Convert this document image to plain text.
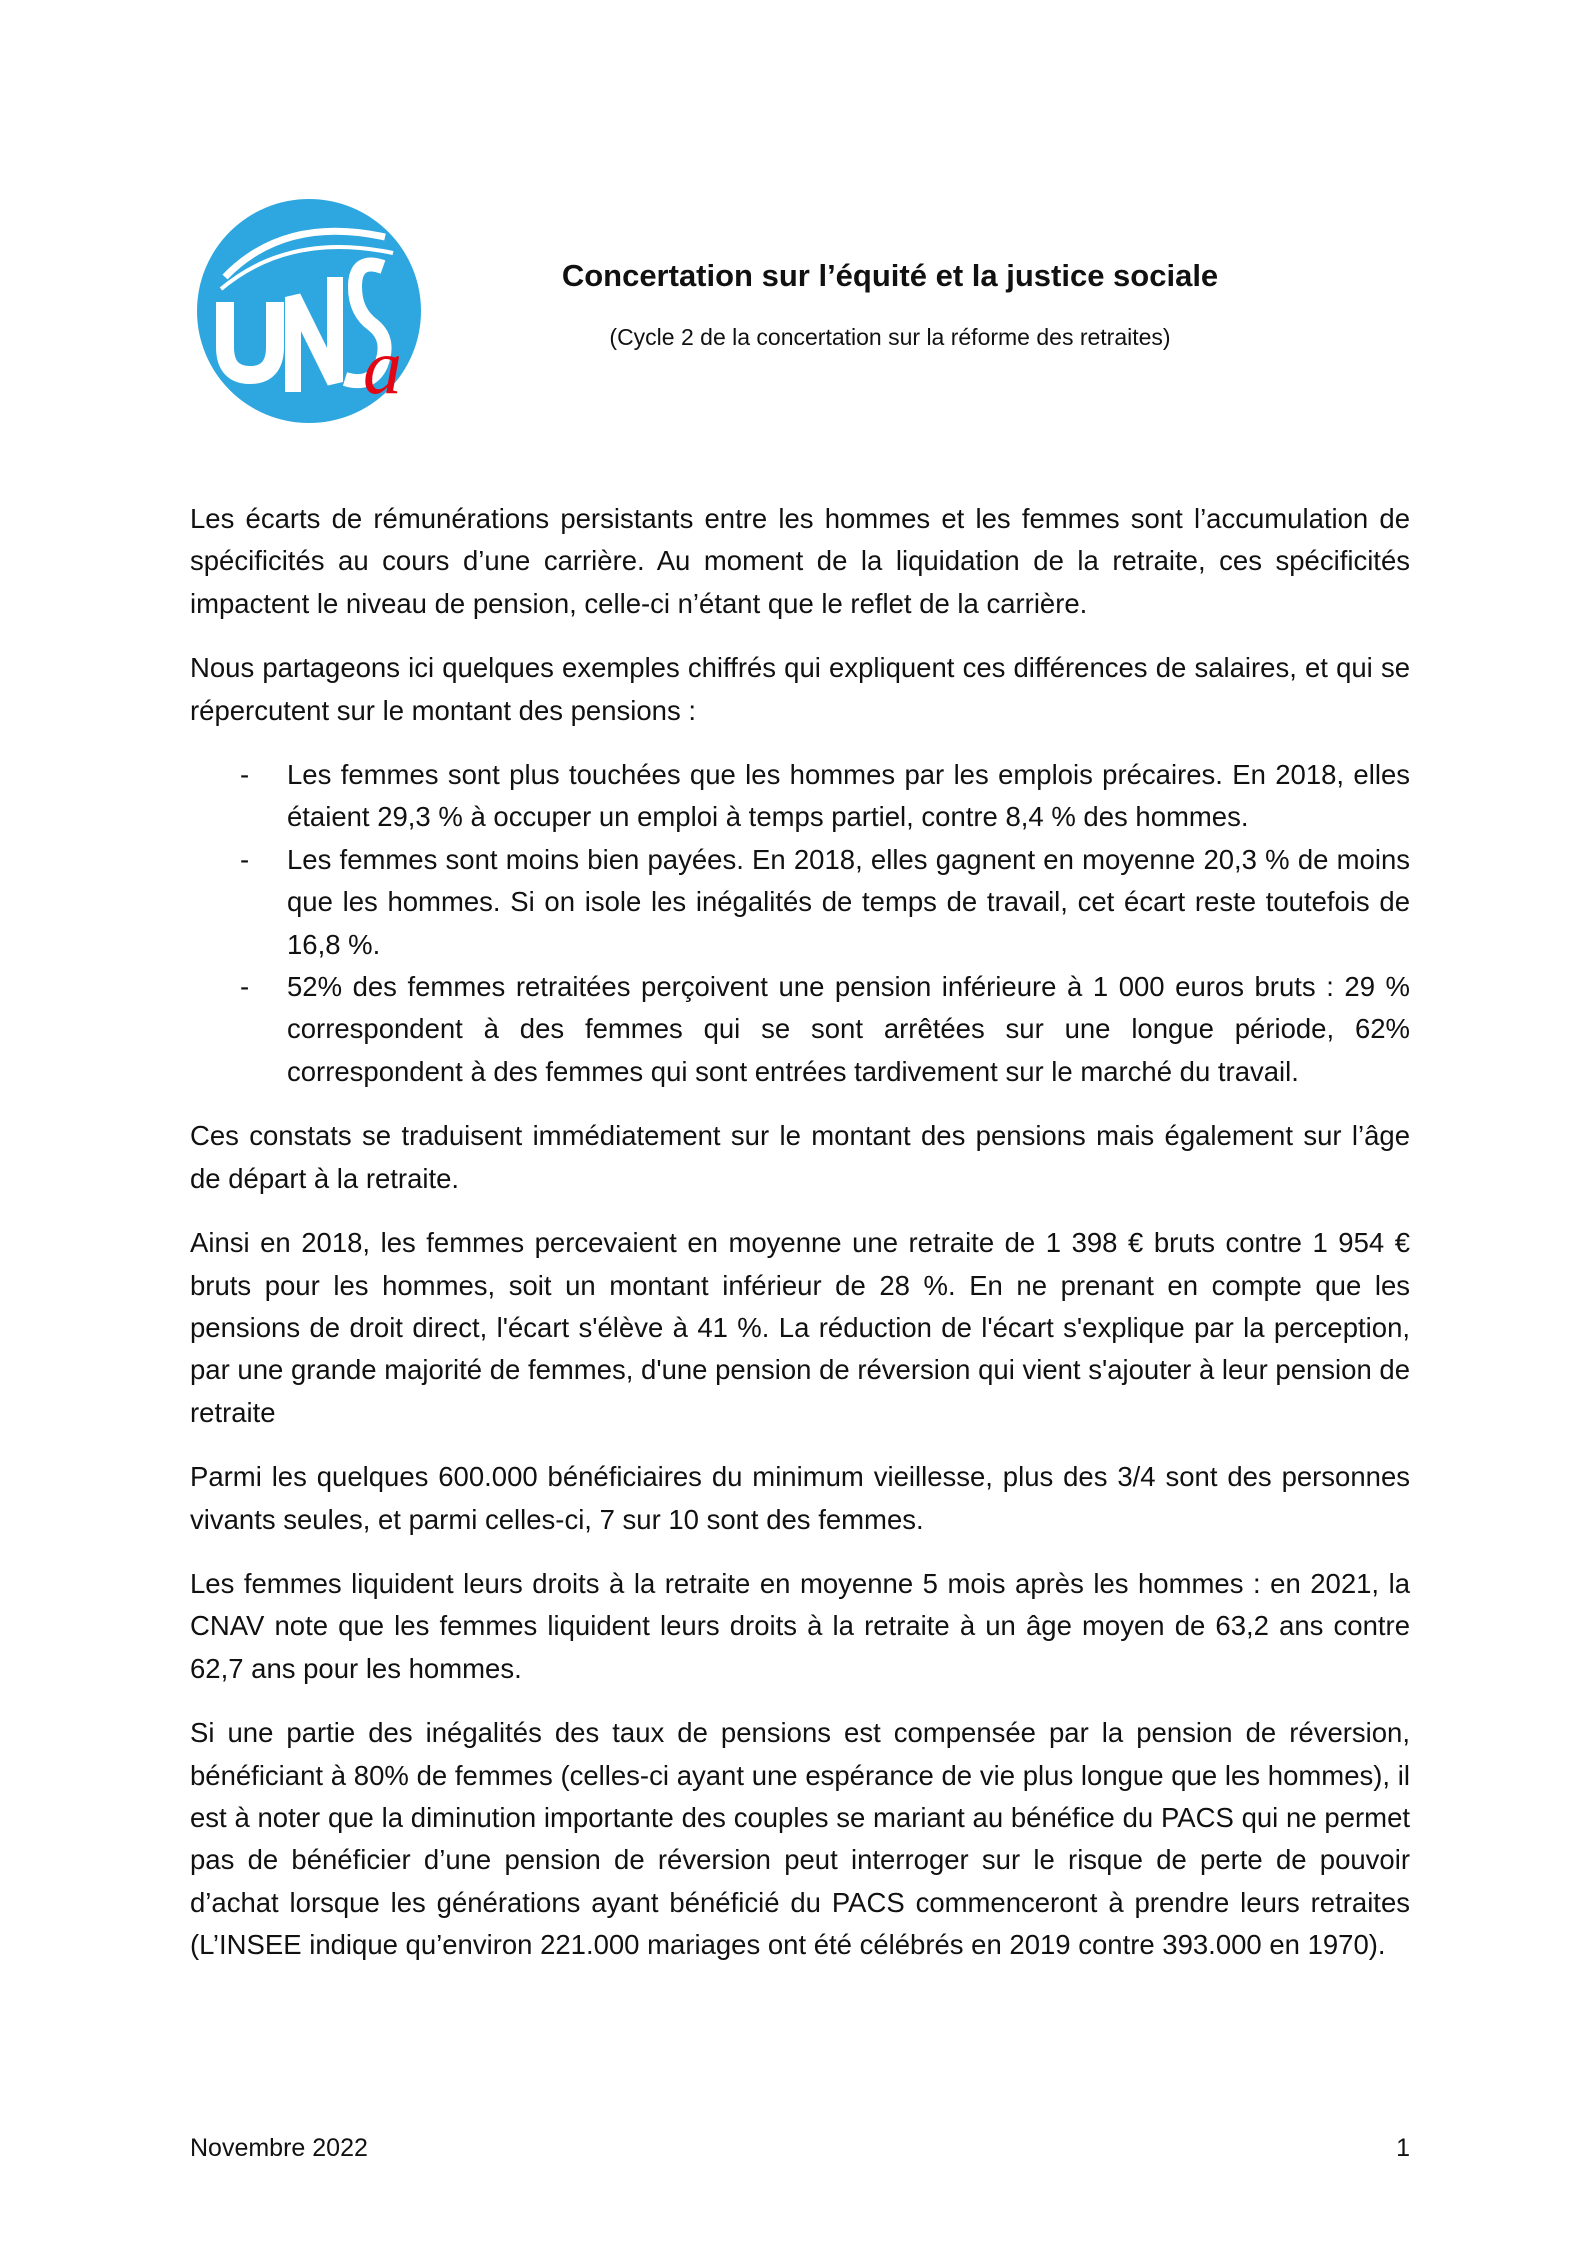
a
Concertation sur l’équité et la justice sociale
(Cycle 2 de la concertation sur la réforme des retraites)

Les écarts de rémunérations persistants entre les hommes et les femmes sont l’accumulation de spécificités au cours d’une carrière. Au moment de la liquidation de la retraite, ces spécificités impactent le niveau de pension, celle-ci n’étant que le reflet de la carrière.

Nous partageons ici quelques exemples chiffrés qui expliquent ces différences de salaires, et qui se répercutent sur le montant des pensions :

- Les femmes sont plus touchées que les hommes par les emplois précaires. En 2018, elles étaient 29,3 % à occuper un emploi à temps partiel, contre 8,4 % des hommes.
- Les femmes sont moins bien payées. En 2018, elles gagnent en moyenne 20,3 % de moins que les hommes. Si on isole les inégalités de temps de travail, cet écart reste toutefois de 16,8 %.
- 52% des femmes retraitées perçoivent une pension inférieure à 1 000 euros bruts : 29 % correspondent à des femmes qui se sont arrêtées sur une longue période, 62% correspondent à des femmes qui sont entrées tardivement sur le marché du travail.

Ces constats se traduisent immédiatement sur le montant des pensions mais également sur l’âge de départ à la retraite.

Ainsi en 2018, les femmes percevaient en moyenne une retraite de 1 398 € bruts contre 1 954 € bruts pour les hommes, soit un montant inférieur de 28 %. En ne prenant en compte que les pensions de droit direct, l'écart s'élève à 41 %. La réduction de l'écart s'explique par la perception, par une grande majorité de femmes, d'une pension de réversion qui vient s'ajouter à leur pension de retraite

Parmi les quelques 600.000 bénéficiaires du minimum vieillesse, plus des 3/4 sont des personnes vivants seules, et parmi celles-ci, 7 sur 10 sont des femmes.

Les femmes liquident leurs droits à la retraite en moyenne 5 mois après les hommes : en 2021, la CNAV note que les femmes liquident leurs droits à la retraite à un âge moyen de 63,2 ans contre 62,7 ans pour les hommes.

Si une partie des inégalités des taux de pensions est compensée par la pension de réversion, bénéficiant à 80% de femmes (celles-ci ayant une espérance de vie plus longue que les hommes), il est à noter que la diminution importante des couples se mariant au bénéfice du PACS qui ne permet pas de bénéficier d’une pension de réversion peut interroger sur le risque de perte de pouvoir d’achat lorsque les générations ayant bénéficié du PACS commenceront à prendre leurs retraites (L’INSEE indique qu’environ 221.000 mariages ont été célébrés en 2019 contre 393.000 en 1970).

Novembre 2022	1
